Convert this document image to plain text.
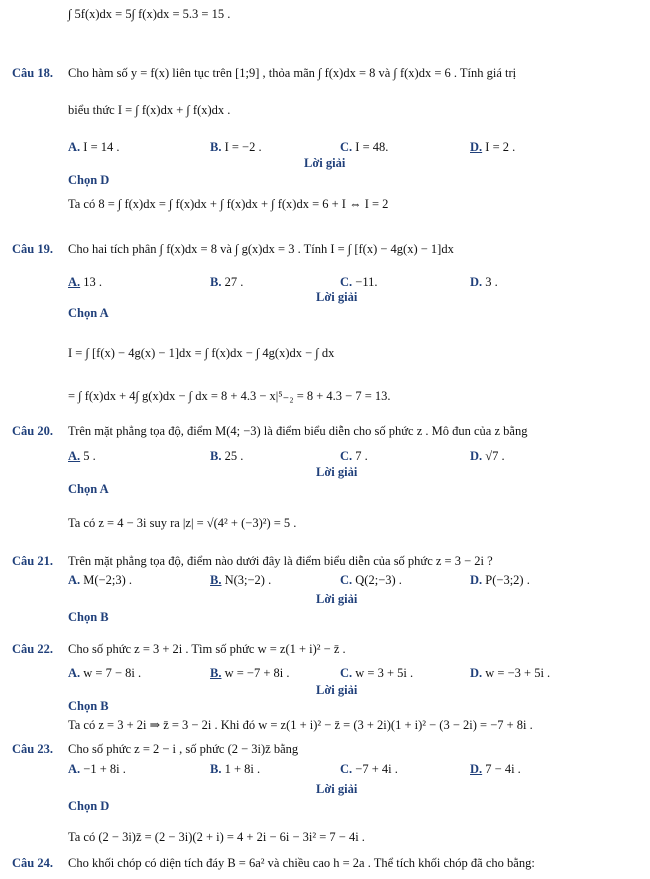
∫ 5f(x)dx = 5∫ f(x)dx = 5.3 = 15 .
Câu 18. Cho hàm số y = f(x) liên tục trên [1;9] , thỏa mãn ∫ f(x)dx = 8 và ∫ f(x)dx = 6 . Tính giá trị
biểu thức I = ∫ f(x)dx + ∫ f(x)dx .
A. I = 14 .	B. I = −2 .	C. I = 48.	D. I = 2 .
Lời giải
Chọn D
Ta có 8 = ∫ f(x)dx = ∫ f(x)dx + ∫ f(x)dx + ∫ f(x)dx = 6 + I ⇔ I = 2
Câu 19. Cho hai tích phân ∫ f(x)dx = 8 và ∫ g(x)dx = 3 . Tính I = ∫ [f(x) − 4g(x) − 1]dx
A. 13 .	B. 27 .	C. −11.	D. 3 .
Lời giải
Chọn A
I = ∫ [f(x) − 4g(x) − 1]dx = ∫ f(x)dx − ∫ 4g(x)dx − ∫ dx
= ∫ f(x)dx + 4∫ g(x)dx − ∫ dx = 8 + 4.3 − x|⁵₋₂ = 8 + 4.3 − 7 = 13.
Câu 20. Trên mặt phẳng tọa độ, điểm M(4; −3) là điểm biểu diễn cho số phức z . Mô đun của z bằng
A. 5 .	B. 25 .	C. 7 .	D. √7 .
Lời giải
Chọn A
Ta có z = 4 − 3i suy ra |z| = √(4² + (−3)²) = 5 .
Câu 21. Trên mặt phẳng tọa độ, điểm nào dưới đây là điểm biểu diễn của số phức z = 3 − 2i ?
A. M(−2;3) .	B. N(3;−2) .	C. Q(2;−3) .	D. P(−3;2) .
Lời giải
Chọn B
Câu 22. Cho số phức z = 3 + 2i . Tìm số phức w = z(1 + i)² − z̄ .
A. w = 7 − 8i .	B. w = −7 + 8i .	C. w = 3 + 5i .	D. w = −3 + 5i .
Lời giải
Chọn B
Ta có z = 3 + 2i ⇒ z̄ = 3 − 2i . Khi đó w = z(1 + i)² − z̄ = (3 + 2i)(1 + i)² − (3 − 2i) = −7 + 8i .
Câu 23. Cho số phức z = 2 − i , số phức (2 − 3i)z̄ bằng
A. −1 + 8i .	B. 1 + 8i .	C. −7 + 4i .	D. 7 − 4i .
Lời giải
Chọn D
Ta có (2 − 3i)z̄ = (2 − 3i)(2 + i) = 4 + 2i − 6i − 3i² = 7 − 4i .
Câu 24. Cho khối chóp có diện tích đáy B = 6a² và chiều cao h = 2a . Thể tích khối chóp đã cho bằng:
